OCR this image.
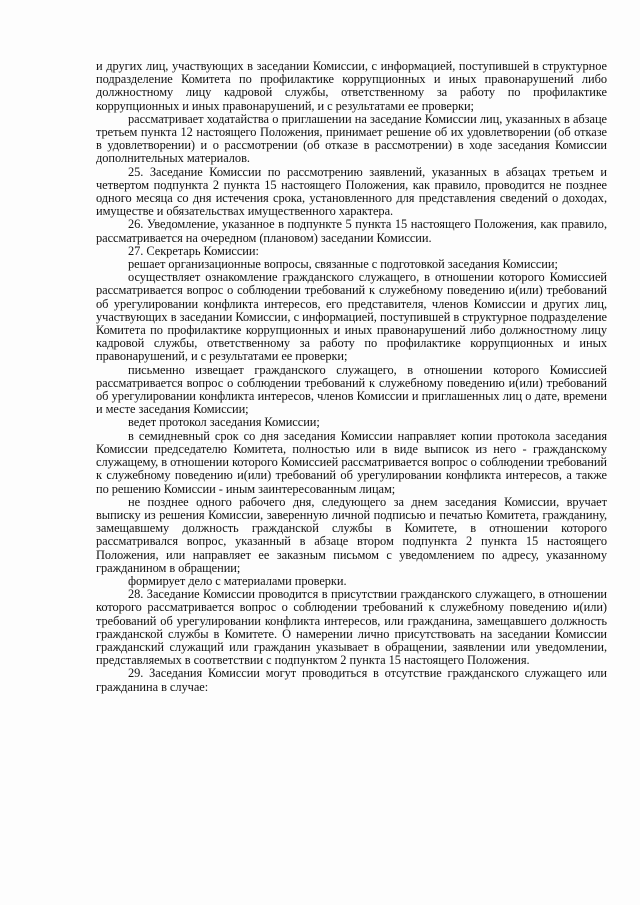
и других лиц, участвующих в заседании Комиссии, с информацией, поступившей в структурное подразделение Комитета по профилактике коррупционных и иных правонарушений либо должностному лицу кадровой службы, ответственному за работу по профилактике коррупционных и иных правонарушений, и с результатами ее проверки;

рассматривает ходатайства о приглашении на заседание Комиссии лиц, указанных в абзаце третьем пункта 12 настоящего Положения, принимает решение об их удовлетворении (об отказе в удовлетворении) и о рассмотрении (об отказе в рассмотрении) в ходе заседания Комиссии дополнительных материалов.

25. Заседание Комиссии по рассмотрению заявлений, указанных в абзацах третьем и четвертом подпункта 2 пункта 15 настоящего Положения, как правило, проводится не позднее одного месяца со дня истечения срока, установленного для представления сведений о доходах, имуществе и обязательствах имущественного характера.

26. Уведомление, указанное в подпункте 5 пункта 15 настоящего Положения, как правило, рассматривается на очередном (плановом) заседании Комиссии.

27. Секретарь Комиссии:

решает организационные вопросы, связанные с подготовкой заседания Комиссии;

осуществляет ознакомление гражданского служащего, в отношении которого Комиссией рассматривается вопрос о соблюдении требований к служебному поведению и(или) требований об урегулировании конфликта интересов, его представителя, членов Комиссии и других лиц, участвующих в заседании Комиссии, с информацией, поступившей в структурное подразделение Комитета по профилактике коррупционных и иных правонарушений либо должностному лицу кадровой службы, ответственному за работу по профилактике коррупционных и иных правонарушений, и с результатами ее проверки;

письменно извещает гражданского служащего, в отношении которого Комиссией рассматривается вопрос о соблюдении требований к служебному поведению и(или) требований об урегулировании конфликта интересов, членов Комиссии и приглашенных лиц о дате, времени и месте заседания Комиссии;

ведет протокол заседания Комиссии;

в семидневный срок со дня заседания Комиссии направляет копии протокола заседания Комиссии председателю Комитета, полностью или в виде выписок из него - гражданскому служащему, в отношении которого Комиссией рассматривается вопрос о соблюдении требований к служебному поведению и(или) требований об урегулировании конфликта интересов, а также по решению Комиссии - иным заинтересованным лицам;

не позднее одного рабочего дня, следующего за днем заседания Комиссии, вручает выписку из решения Комиссии, заверенную личной подписью и печатью Комитета, гражданину, замещавшему должность гражданской службы в Комитете, в отношении которого рассматривался вопрос, указанный в абзаце втором подпункта 2 пункта 15 настоящего Положения, или направляет ее заказным письмом с уведомлением по адресу, указанному гражданином в обращении;

формирует дело с материалами проверки.

28. Заседание Комиссии проводится в присутствии гражданского служащего, в отношении которого рассматривается вопрос о соблюдении требований к служебному поведению и(или) требований об урегулировании конфликта интересов, или гражданина, замещавшего должность гражданской службы в Комитете. О намерении лично присутствовать на заседании Комиссии гражданский служащий или гражданин указывает в обращении, заявлении или уведомлении, представляемых в соответствии с подпунктом 2 пункта 15 настоящего Положения.

29. Заседания Комиссии могут проводиться в отсутствие гражданского служащего или гражданина в случае:
